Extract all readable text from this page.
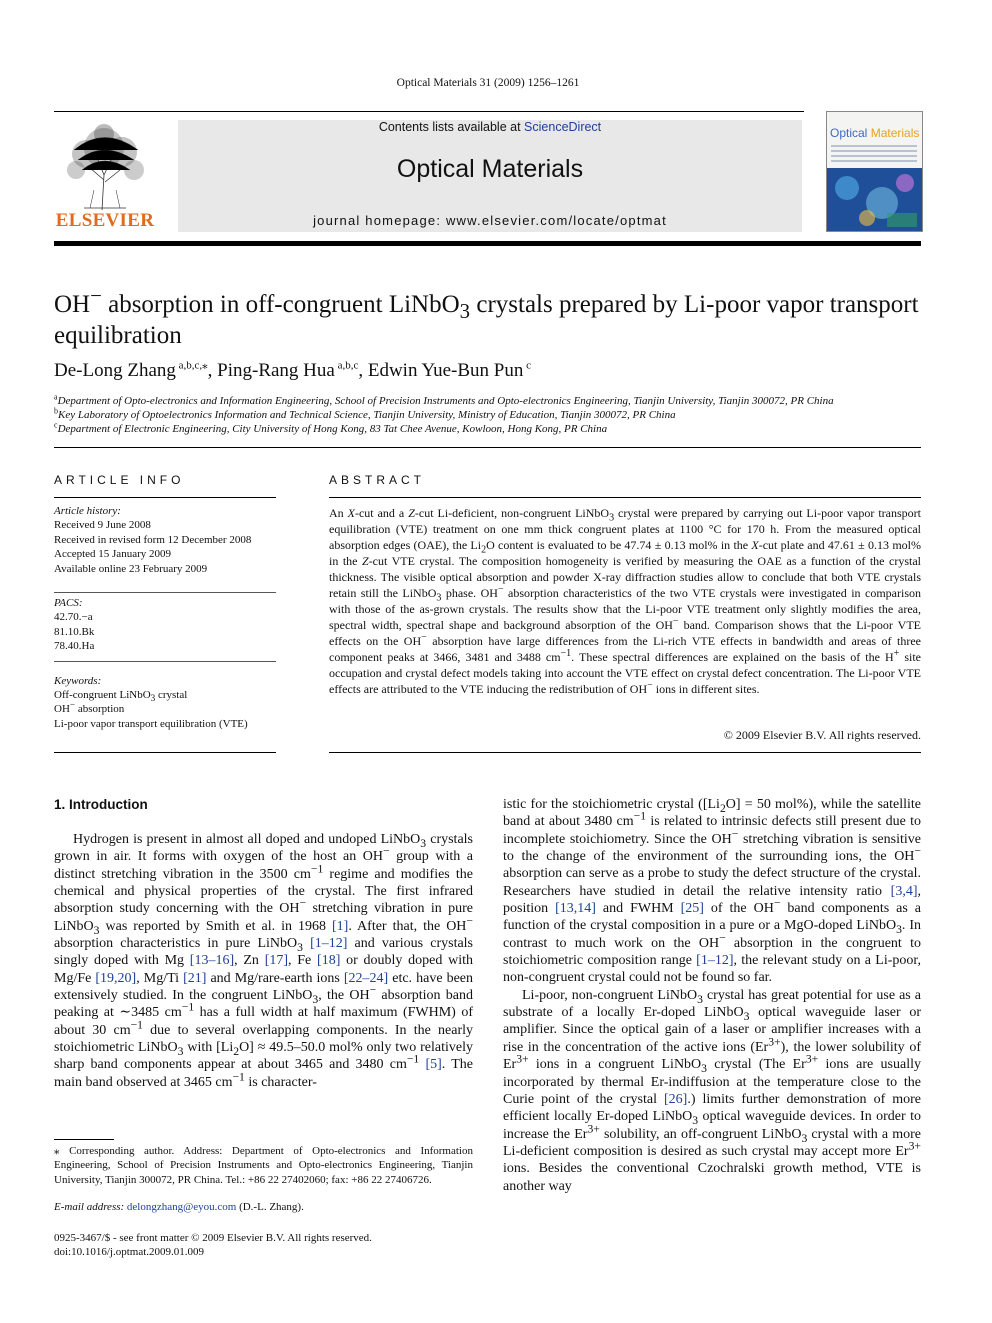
Optical Materials 31 (2009) 1256–1261
ELSEVIER
Contents lists available at ScienceDirect
Optical Materials
journal homepage: www.elsevier.com/locate/optmat
Optical Materials
OH− absorption in off-congruent LiNbO$_3$ crystals prepared by Li-poor vapor transport equilibration
De-Long Zhang $^{a,b,c,⁎}$, Ping-Rang Hua $^{a,b,c}$, Edwin Yue-Bun Pun $^c$
$^a$Department of Opto-electronics and Information Engineering, School of Precision Instruments and Opto-electronics Engineering, Tianjin University, Tianjin 300072, PR China
$^b$Key Laboratory of Optoelectronics Information and Technical Science, Tianjin University, Ministry of Education, Tianjin 300072, PR China
$^c$Department of Electronic Engineering, City University of Hong Kong, 83 Tat Chee Avenue, Kowloon, Hong Kong, PR China
ARTICLE INFO
Article history:
Received 9 June 2008
Received in revised form 12 December 2008
Accepted 15 January 2009
Available online 23 February 2009
PACS:
42.70.−a
81.10.Bk
78.40.Ha
Keywords:
Off-congruent LiNbO$_3$ crystal
OH− absorption
Li-poor vapor transport equilibration (VTE)
ABSTRACT
An X-cut and a Z-cut Li-deficient, non-congruent LiNbO$_3$ crystal were prepared by carrying out Li-poor vapor transport equilibration (VTE) treatment on one mm thick congruent plates at 1100 °C for 170 h. From the measured optical absorption edges (OAE), the $Li_2O$ content is evaluated to be 47.74 ± 0.13 mol% in the X-cut plate and 47.61 ± 0.13 mol% in the Z-cut VTE crystal. The composition homogeneity is verified by measuring the OAE as a function of the crystal thickness. The visible optical absorption and powder X-ray diffraction studies allow to conclude that both VTE crystals retain still the LiNbO$_3$ phase. OH− absorption characteristics of the two VTE crystals were investigated in comparison with those of the as-grown crystals. The results show that the Li-poor VTE treatment only slightly modifies the area, spectral width, spectral shape and background absorption of the OH− band. Comparison shows that the Li-poor VTE effects on the OH− absorption have large differences from the Li-rich VTE effects in bandwidth and areas of three component peaks at 3466, 3481 and 3488 $cm^{-1}$. These spectral differences are explained on the basis of the H+ site occupation and crystal defect models taking into account the VTE effect on crystal defect concentration. The Li-poor VTE effects are attributed to the VTE inducing the redistribution of OH− ions in different sites.
© 2009 Elsevier B.V. All rights reserved.
1. Introduction

Hydrogen is present in almost all doped and undoped LiNbO$_3$ crystals grown in air. It forms with oxygen of the host an OH− group with a distinct stretching vibration in the 3500 $cm^{-1}$ regime and modifies the chemical and physical properties of the crystal. The first infrared absorption study concerning with the OH− stretching vibration in pure LiNbO$_3$ was reported by Smith et al. in 1968 [1]. After that, the OH− absorption characteristics in pure LiNbO$_3$ [1–12] and various crystals singly doped with Mg [13–16], Zn [17], Fe [18] or doubly doped with Mg/Fe [19,20], Mg/Ti [21] and Mg/rare-earth ions [22–24] etc. have been extensively studied. In the congruent LiNbO$_3$, the OH− absorption band peaking at ∼3485 $cm^{-1}$ has a full width at half maximum (FWHM) of about 30 $cm^{-1}$ due to several overlapping components. In the nearly stoichiometric LiNbO$_3$ with $[Li_2O] \approx 49.5-50.0$ mol% only two relatively sharp band components appear at about 3465 and 3480 $cm^{-1}$ [5]. The main band observed at 3465 $cm^{-1}$ is character-

istic for the stoichiometric crystal ($[Li_2O] = 50$ mol%), while the satellite band at about 3480 $cm^{-1}$ is related to intrinsic defects still present due to incomplete stoichiometry. Since the OH− stretching vibration is sensitive to the change of the environment of the surrounding ions, the OH− absorption can serve as a probe to study the defect structure of the crystal. Researchers have studied in detail the relative intensity ratio [3,4], position [13,14] and FWHM [25] of the OH− band components as a function of the crystal composition in a pure or a MgO-doped LiNbO$_3$. In contrast to much work on the OH− absorption in the congruent to stoichiometric composition range [1–12], the relevant study on a Li-poor, non-congruent crystal could not be found so far.

Li-poor, non-congruent LiNbO$_3$ crystal has great potential for use as a substrate of a locally Er-doped LiNbO$_3$ optical waveguide laser or amplifier. Since the optical gain of a laser or amplifier increases with a rise in the concentration of the active ions $(Er^{3+})$, the lower solubility of $Er^{3+}$ ions in a congruent LiNbO$_3$ crystal (The $Er^{3+}$ ions are usually incorporated by thermal Er-indiffusion at the temperature close to the Curie point of the crystal [26].) limits further demonstration of more efficient locally Er-doped LiNbO$_3$ optical waveguide devices. In order to increase the $Er^{3+}$ solubility, an off-congruent LiNbO$_3$ crystal with a more Li-deficient composition is desired as such crystal may accept more $Er^{3+}$ ions. Besides the conventional Czochralski growth method, VTE is another way

⁎ Corresponding author. Address: Department of Opto-electronics and Information Engineering, School of Precision Instruments and Opto-electronics Engineering, Tianjin University, Tianjin 300072, PR China. Tel.: +86 22 27402060; fax: +86 22 27406726.
E-mail address: delongzhang@eyou.com (D.-L. Zhang).
0925-3467/$ - see front matter © 2009 Elsevier B.V. All rights reserved.
doi:10.1016/j.optmat.2009.01.009
